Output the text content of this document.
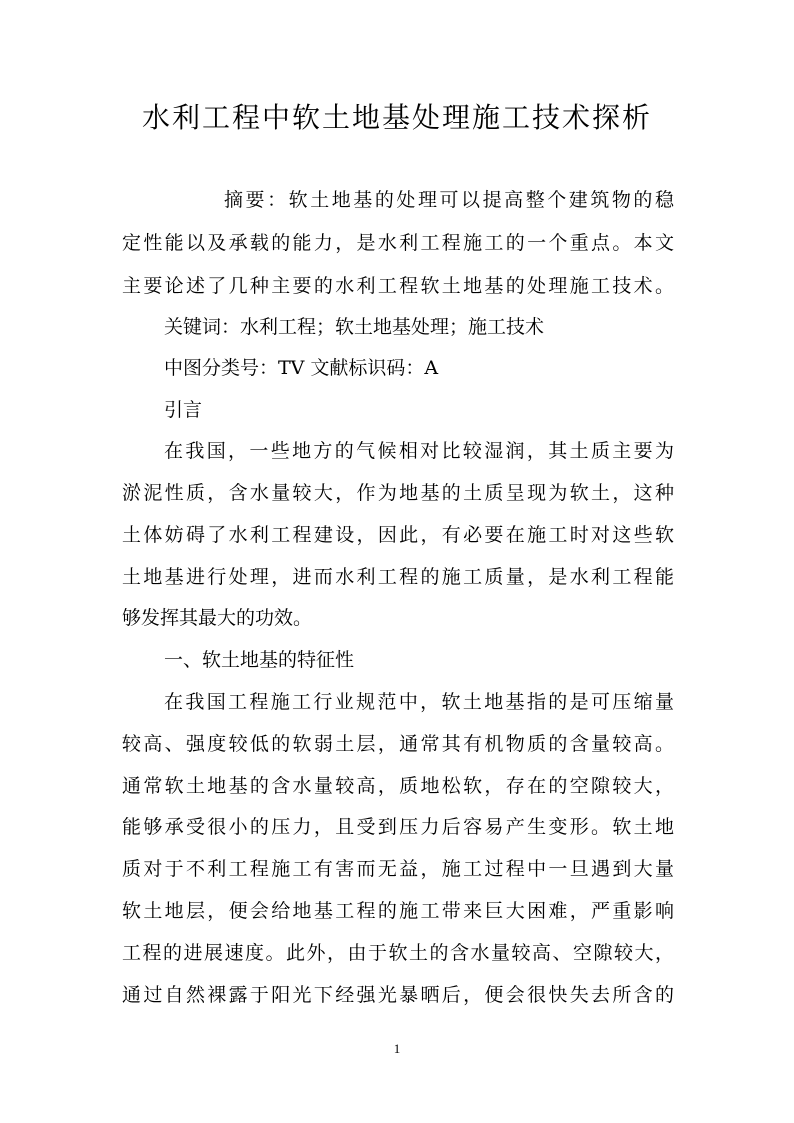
水利工程中软土地基处理施工技术探析

摘要：软土地基的处理可以提高整个建筑物的稳

定性能以及承载的能力，是水利工程施工的一个重点。本文

主要论述了几种主要的水利工程软土地基的处理施工技术。

关键词：水利工程；软土地基处理；施工技术

中图分类号：TV 文献标识码：A

引言

在我国，一些地方的气候相对比较湿润，其土质主要为

淤泥性质，含水量较大，作为地基的土质呈现为软土，这种

土体妨碍了水利工程建设，因此，有必要在施工时对这些软

土地基进行处理，进而水利工程的施工质量，是水利工程能

够发挥其最大的功效。

一、软土地基的特征性

在我国工程施工行业规范中，软土地基指的是可压缩量

较高、强度较低的软弱土层，通常其有机物质的含量较高。

通常软土地基的含水量较高，质地松软，存在的空隙较大，

能够承受很小的压力，且受到压力后容易产生变形。软土地

质对于不利工程施工有害而无益，施工过程中一旦遇到大量

软土地层，便会给地基工程的施工带来巨大困难，严重影响

工程的进展速度。此外，由于软土的含水量较高、空隙较大，

通过自然裸露于阳光下经强光暴晒后，便会很快失去所含的

1
